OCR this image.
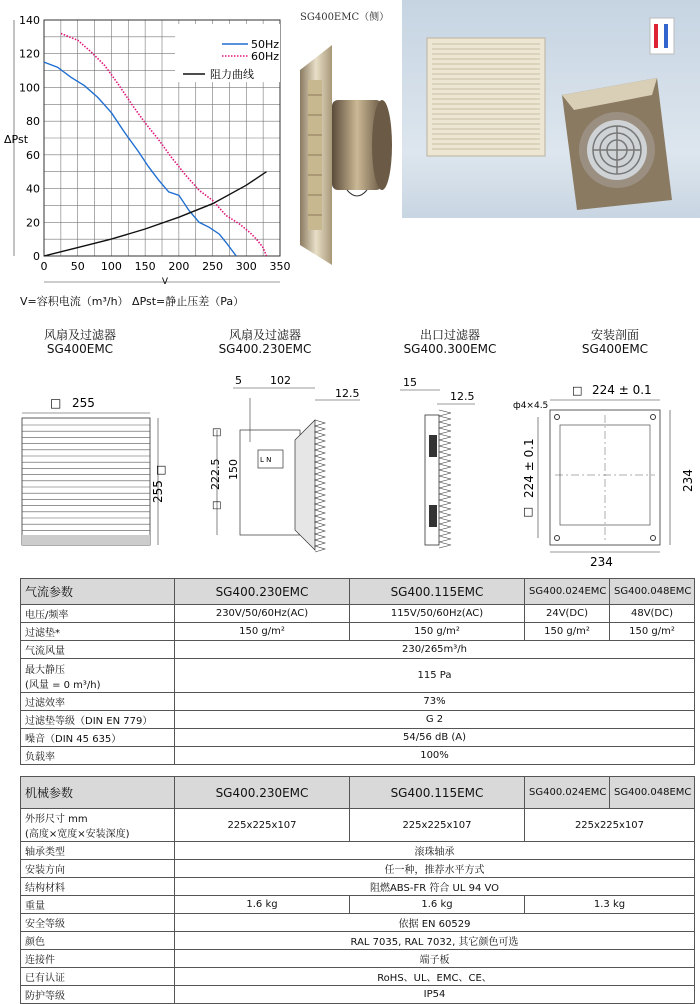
0 50 100 150 200 250 300 350
0
20
40
60
80
100
120
140
50Hz
60Hz
阻力曲线
ΔPst
V
V=容积电流（m³/h） ΔPst=静止压差（Pa）
SG400EMC（侧）
风扇及过滤器
SG400EMC
风扇及过滤器
SG400.230EMC
出口过滤器
SG400.300EMC
安装剖面
SG400EMC
□ 255
□
255
5	102
12.5
□
□
222.5 150	L N
15
12.5	□ 224 ± 0.1
ф4×4.5
□
224 ± 0.1	234
234
气流参数	SG400.230EMC	SG400.115EMC	SG400.024EMC	SG400.048EMC
电压/频率	230V/50/60Hz(AC)	115V/50/60Hz(AC)	24V(DC)	48V(DC)
过滤垫*	150 g/m²	150 g/m²	150 g/m²	150 g/m²
气流风量	230/265m³/h			

最大静压
(风量 = 0 m³/h)	115 Pa			
过滤效率	73%			
过滤垫等级（DIN EN 779）	G 2			
噪音（DIN 45 635）	54/56 dB (A)			
负载率	100%			
机械参数	SG400.230EMC	SG400.115EMC	SG400.024EMC	SG400.048EMC

外形尺寸 mm
(高度×宽度×安装深度)	225x225x107	225x225x107	225x225x107	
轴承类型	滚珠轴承			
安装方向	任一种，推荐水平方式			
结构材料	阻燃ABS-FR 符合 UL 94 VO			
重量	1.6 kg	1.6 kg	1.3 kg	
安全等级	依据 EN 60529			
颜色	RAL 7035, RAL 7032, 其它颜色可选			
连接件	端子板			
已有认证	RoHS、UL、EMC、CE、			
防护等级	IP54			
